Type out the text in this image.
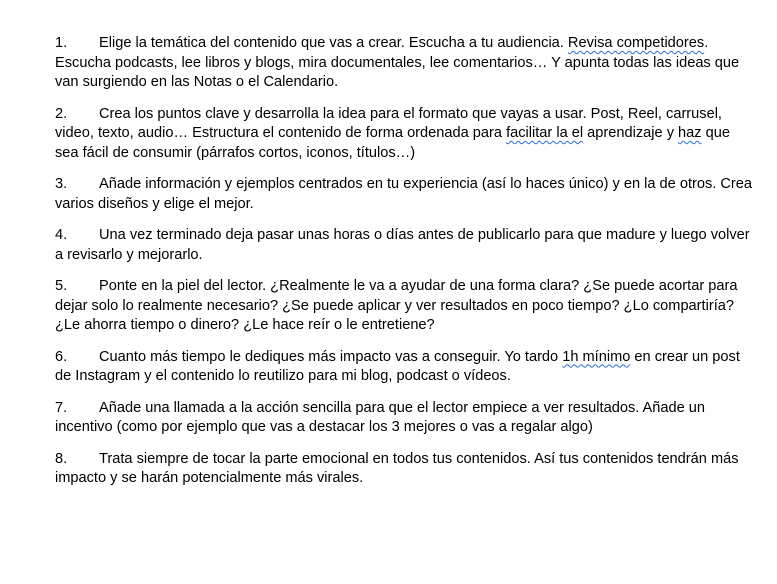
1. Elige la temática del contenido que vas a crear. Escucha a tu audiencia. Revisa competidores. Escucha podcasts, lee libros y blogs, mira documentales, lee comentarios… Y apunta todas las ideas que van surgiendo en las Notas o el Calendario.

2. Crea los puntos clave y desarrolla la idea para el formato que vayas a usar. Post, Reel, carrusel, video, texto, audio… Estructura el contenido de forma ordenada para facilitar la el aprendizaje y haz que sea fácil de consumir (párrafos cortos, iconos, títulos…)

3. Añade información y ejemplos centrados en tu experiencia (así lo haces único) y en la de otros. Crea varios diseños y elige el mejor.

4. Una vez terminado deja pasar unas horas o días antes de publicarlo para que madure y luego volver a revisarlo y mejorarlo.

5. Ponte en la piel del lector. ¿Realmente le va a ayudar de una forma clara? ¿Se puede acortar para dejar solo lo realmente necesario? ¿Se puede aplicar y ver resultados en poco tiempo? ¿Lo compartiría? ¿Le ahorra tiempo o dinero? ¿Le hace reír o le entretiene?

6. Cuanto más tiempo le dediques más impacto vas a conseguir. Yo tardo 1h mínimo en crear un post de Instagram y el contenido lo reutilizo para mi blog, podcast o vídeos.

7. Añade una llamada a la acción sencilla para que el lector empiece a ver resultados. Añade un incentivo (como por ejemplo que vas a destacar los 3 mejores o vas a regalar algo)

8. Trata siempre de tocar la parte emocional en todos tus contenidos. Así tus contenidos tendrán más impacto y se harán potencialmente más virales.
